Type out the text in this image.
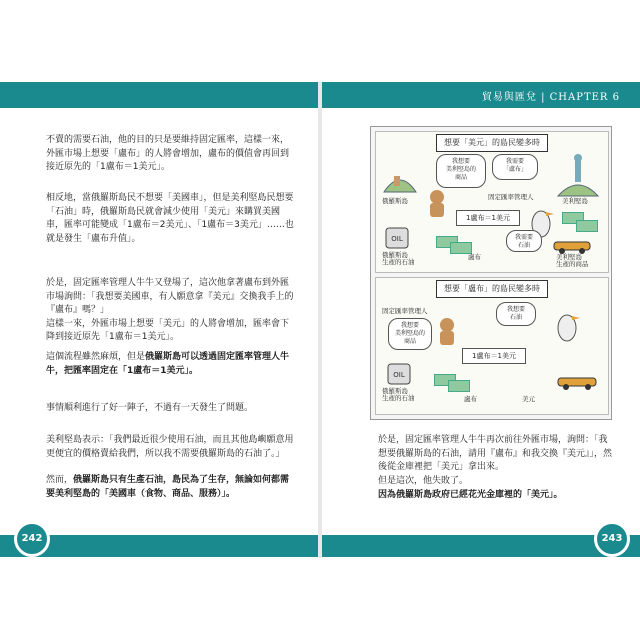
貿易與匯兌 | CHAPTER 6
242	243

不賣的需要石油，他的目的只是要維持固定匯率，這樣一來，外匯市場上想要「盧布」的人將會增加，盧布的價值會再回到接近原先的「1盧布＝1美元」。

相反地，當俄羅斯島民不想要「美國車」，但是美利堅島民想要「石油」時，俄羅斯島民就會減少使用「美元」來購買美國車，匯率可能變成「1盧布＝2美元」、「1盧布＝3美元」……也就是發生「盧布升值」。

於是，固定匯率管理人牛牛又登場了，這次他拿著盧布到外匯市場詢問：「我想要美國車，有人願意拿『美元』交換我手上的『盧布』嗎？」
這樣一來，外匯市場上想要「美元」的人將會增加，匯率會下降到接近原先「1盧布＝1美元」。

這個流程雖然麻煩，但是俄羅斯島可以透過固定匯率管理人牛牛，把匯率固定在「1盧布＝1美元」。

事情順利進行了好一陣子，不過有一天發生了問題。

美利堅島表示：「我們最近很少使用石油，而且其他島嶼願意用更便宜的價格賣給我們，所以我不需要俄羅斯島的石油了。」

然而，俄羅斯島只有生產石油，島民為了生存，無論如何都需要美利堅島的「美國車（食物、商品、服務）」。

於是，固定匯率管理人牛牛再次前往外匯市場，詢問：「我想要俄羅斯島的石油，請用『盧布』和我交換『美元』」，然後從金庫裡把「美元」拿出來。

但是這次，他失敗了。

因為俄羅斯島政府已經花光金庫裡的「美元」。

想要「美元」的島民變多時
俄羅斯島
我想要
美利堅島的
商品
我需要
「盧布」
美利堅島
固定匯率管理人
1盧布＝1美元
OIL
俄羅斯島
生產的石油
盧布
我需要
石油
美利堅島
生產的商品
想要「盧布」的島民變多時
固定匯率管理人
我想要
美利堅島的
商品
我想要
石油
1盧布＝1美元
OIL
俄羅斯島
生產的石油	盧布	美元
